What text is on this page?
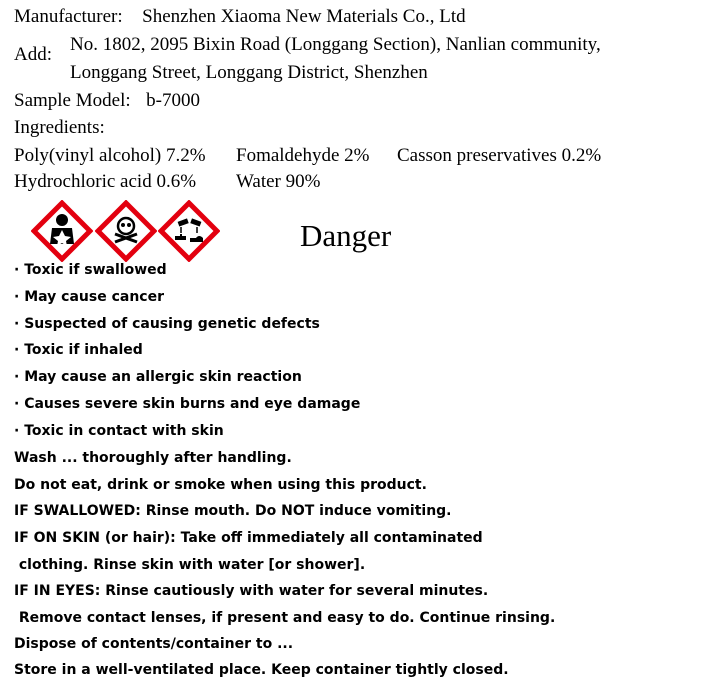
Manufacturer: Shenzhen Xiaoma New Materials Co., Ltd
Add: No. 1802, 2095 Bixin Road (Longgang Section), Nanlian community,
Longgang Street, Longgang District, Shenzhen
Sample Model: b-7000
Ingredients:
Poly(vinyl alcohol) 7.2% Fomaldehyde 2% Casson preservatives 0.2%
Hydrochloric acid 0.6% Water 90%
Danger
· Toxic if swallowed
· May cause cancer
· Suspected of causing genetic defects
· Toxic if inhaled
· May cause an allergic skin reaction
· Causes severe skin burns and eye damage
· Toxic in contact with skin
Wash ... thoroughly after handling.
Do not eat, drink or smoke when using this product.
IF SWALLOWED: Rinse mouth. Do NOT induce vomiting.
IF ON SKIN (or hair): Take off immediately all contaminated
clothing. Rinse skin with water [or shower].
IF IN EYES: Rinse cautiously with water for several minutes.
Remove contact lenses, if present and easy to do. Continue rinsing.
Dispose of contents/container to ...
Store in a well-ventilated place. Keep container tightly closed.
